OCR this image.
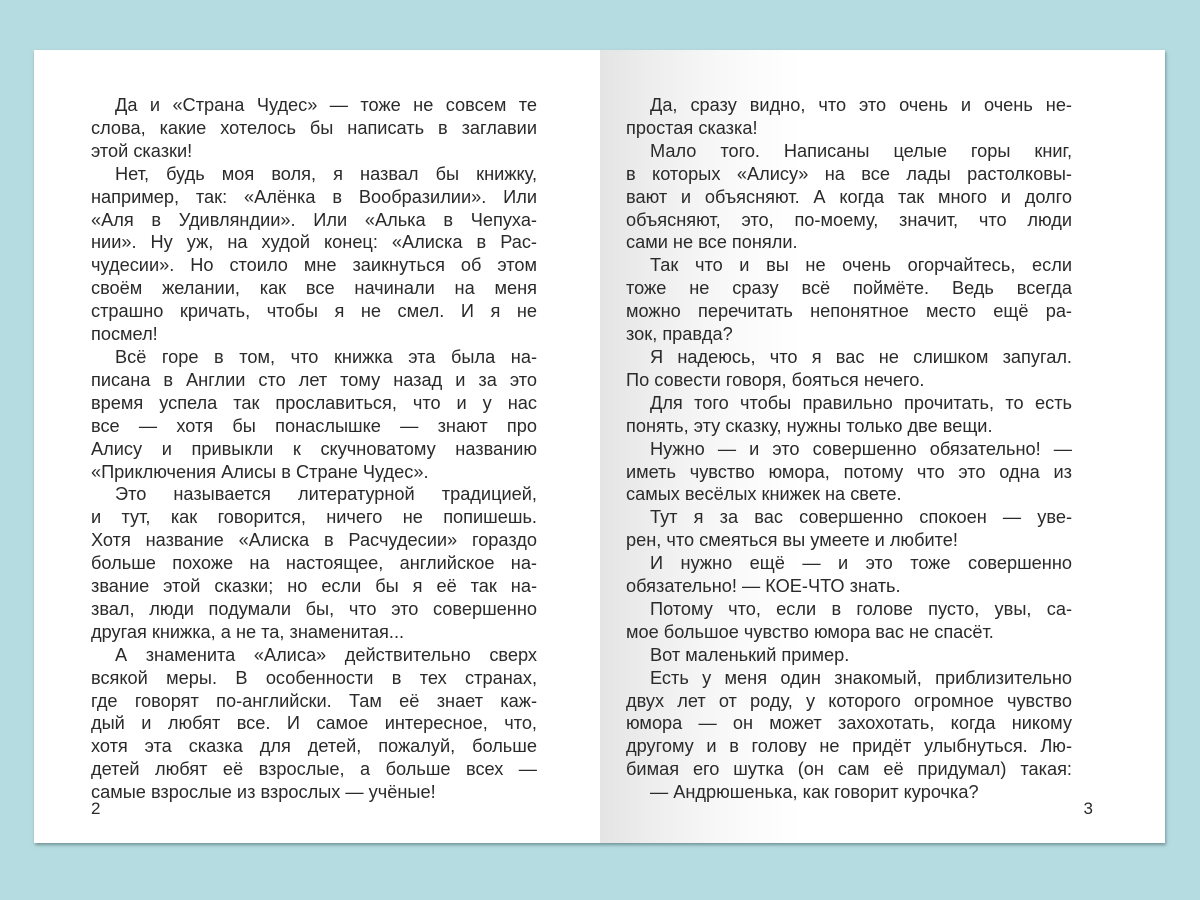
Да и «Страна Чудес» — тоже не совсем те
слова, какие хотелось бы написать в заглавии
этой сказки!
Нет, будь моя воля, я назвал бы книжку,
например, так: «Алёнка в Вообразилии». Или
«Аля в Удивляндии». Или «Алька в Чепуха-
нии». Ну уж, на худой конец: «Алиска в Рас-
чудесии». Но стоило мне заикнуться об этом
своём желании, как все начинали на меня
страшно кричать, чтобы я не смел. И я не
посмел!
Всё горе в том, что книжка эта была на-
писана в Англии сто лет тому назад и за это
время успела так прославиться, что и у нас
все — хотя бы понаслышке — знают про
Алису и привыкли к скучноватому названию
«Приключения Алисы в Стране Чудес».
Это называется литературной традицией,
и тут, как говорится, ничего не попишешь.
Хотя название «Алиска в Расчудесии» гораздо
больше похоже на настоящее, английское на-
звание этой сказки; но если бы я её так на-
звал, люди подумали бы, что это совершенно
другая книжка, а не та, знаменитая...
А знаменита «Алиса» действительно сверх
всякой меры. В особенности в тех странах,
где говорят по-английски. Там её знает каж-
дый и любят все. И самое интересное, что,
хотя эта сказка для детей, пожалуй, больше
детей любят её взрослые, а больше всех —
самые взрослые из взрослых — учёные!
2
Да, сразу видно, что это очень и очень не-
простая сказка!
Мало того. Написаны целые горы книг,
в которых «Алису» на все лады растолковы-
вают и объясняют. А когда так много и долго
объясняют, это, по-моему, значит, что люди
сами не все поняли.
Так что и вы не очень огорчайтесь, если
тоже не сразу всё поймёте. Ведь всегда
можно перечитать непонятное место ещё ра-
зок, правда?
Я надеюсь, что я вас не слишком запугал.
По совести говоря, бояться нечего.
Для того чтобы правильно прочитать, то есть
понять, эту сказку, нужны только две вещи.
Нужно — и это совершенно обязательно! —
иметь чувство юмора, потому что это одна из
самых весёлых книжек на свете.
Тут я за вас совершенно спокоен — уве-
рен, что смеяться вы умеете и любите!
И нужно ещё — и это тоже совершенно
обязательно! — КОЕ-ЧТО знать.
Потому что, если в голове пусто, увы, са-
мое большое чувство юмора вас не спасёт.
Вот маленький пример.
Есть у меня один знакомый, приблизительно
двух лет от роду, у которого огромное чувство
юмора — он может захохотать, когда никому
другому и в голову не придёт улыбнуться. Лю-
бимая его шутка (он сам её придумал) такая:
— Андрюшенька, как говорит курочка?
3
